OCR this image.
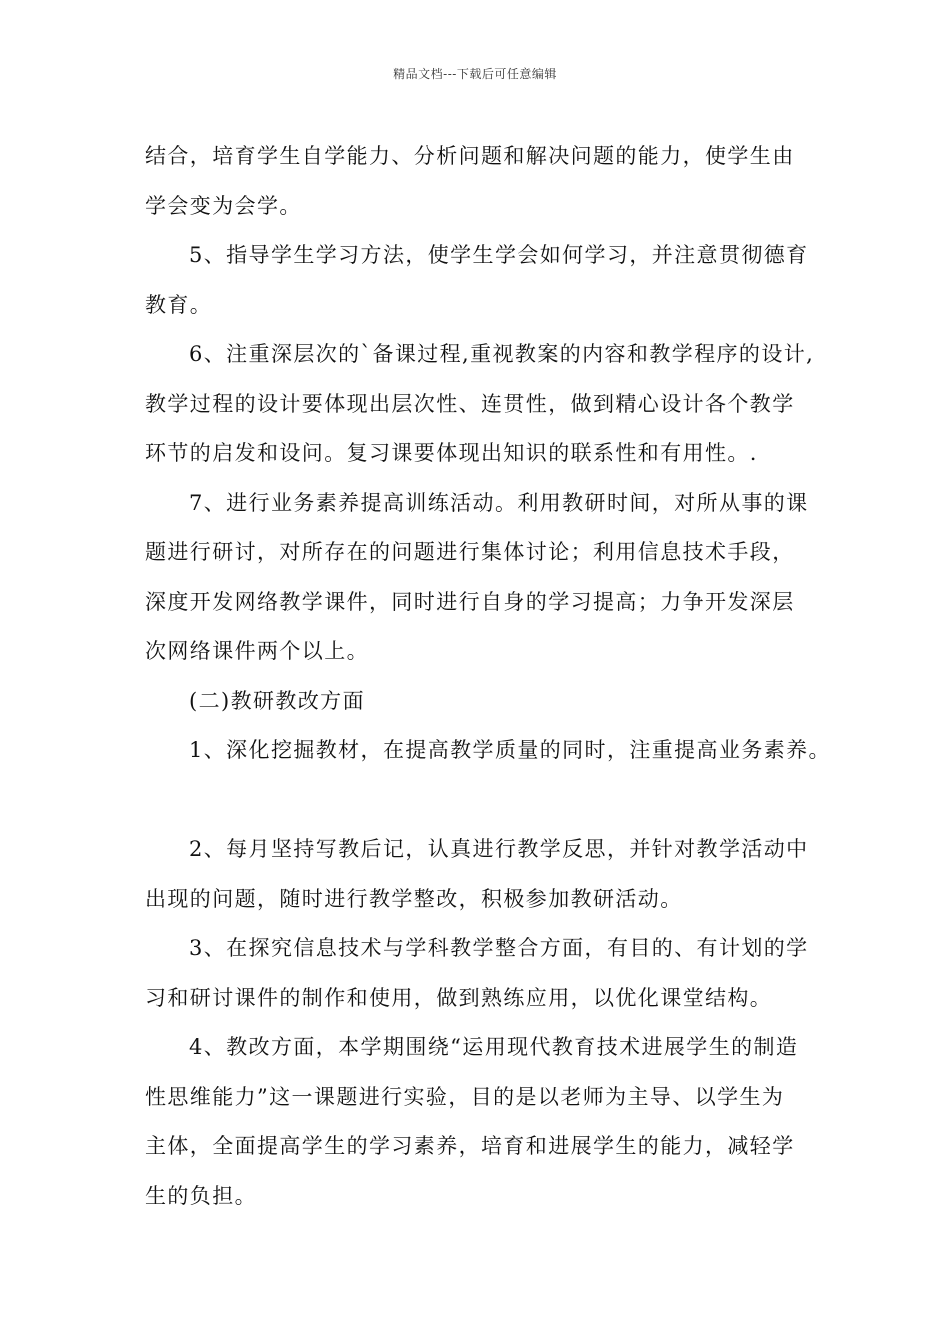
精品文档---下载后可任意编辑
结合，培育学生自学能力、分析问题和解决问题的能力，使学生由
学会变为会学。
5、指导学生学习方法，使学生学会如何学习，并注意贯彻德育
教育。
6、注重深层次的`备课过程,重视教案的内容和教学程序的设计,
教学过程的设计要体现出层次性、连贯性，做到精心设计各个教学
环节的启发和设问。复习课要体现出知识的联系性和有用性。.
7、进行业务素养提高训练活动。利用教研时间，对所从事的课
题进行研讨，对所存在的问题进行集体讨论；利用信息技术手段，
深度开发网络教学课件，同时进行自身的学习提高；力争开发深层
次网络课件两个以上。
(二)教研教改方面
1、深化挖掘教材，在提高教学质量的同时，注重提高业务素养。
2、每月坚持写教后记，认真进行教学反思，并针对教学活动中
出现的问题，随时进行教学整改，积极参加教研活动。
3、在探究信息技术与学科教学整合方面，有目的、有计划的学
习和研讨课件的制作和使用，做到熟练应用，以优化课堂结构。
4、教改方面，本学期围绕“运用现代教育技术进展学生的制造
性思维能力”这一课题进行实验，目的是以老师为主导、以学生为
主体，全面提高学生的学习素养，培育和进展学生的能力，减轻学
生的负担。
